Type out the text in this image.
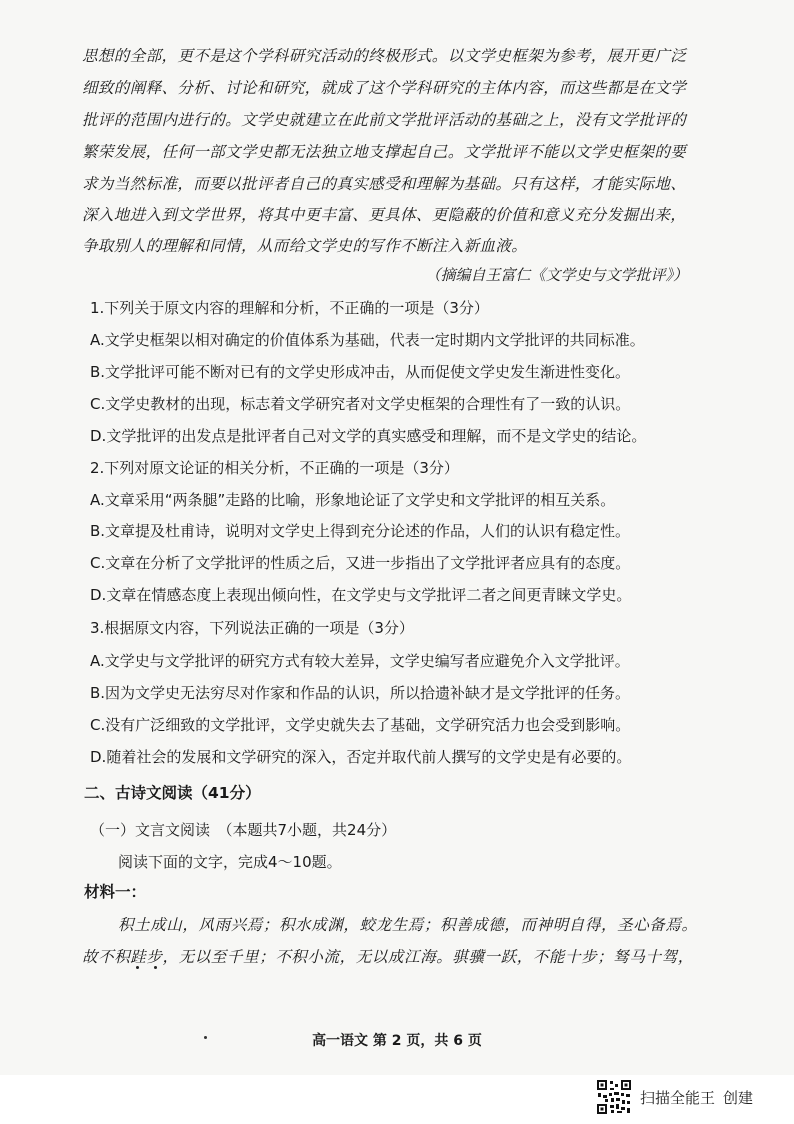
思想的全部，更不是这个学科研究活动的终极形式。以文学史框架为参考，展开更广泛
细致的阐释、分析、讨论和研究，就成了这个学科研究的主体内容，而这些都是在文学
批评的范围内进行的。文学史就建立在此前文学批评活动的基础之上，没有文学批评的
繁荣发展，任何一部文学史都无法独立地支撑起自己。文学批评不能以文学史框架的要
求为当然标准，而要以批评者自己的真实感受和理解为基础。只有这样，才能实际地、
深入地进入到文学世界，将其中更丰富、更具体、更隐蔽的价值和意义充分发掘出来，
争取别人的理解和同情，从而给文学史的写作不断注入新血液。
（摘编自王富仁《文学史与文学批评》）
1.下列关于原文内容的理解和分析，不正确的一项是（3分）
A.文学史框架以相对确定的价值体系为基础，代表一定时期内文学批评的共同标准。
B.文学批评可能不断对已有的文学史形成冲击，从而促使文学史发生渐进性变化。
C.文学史教材的出现，标志着文学研究者对文学史框架的合理性有了一致的认识。
D.文学批评的出发点是批评者自己对文学的真实感受和理解，而不是文学史的结论。
2.下列对原文论证的相关分析，不正确的一项是（3分）
A.文章采用“两条腿”走路的比喻，形象地论证了文学史和文学批评的相互关系。
B.文章提及杜甫诗，说明对文学史上得到充分论述的作品，人们的认识有稳定性。
C.文章在分析了文学批评的性质之后，又进一步指出了文学批评者应具有的态度。
D.文章在情感态度上表现出倾向性，在文学史与文学批评二者之间更青睐文学史。
3.根据原文内容，下列说法正确的一项是（3分）
A.文学史与文学批评的研究方式有较大差异，文学史编写者应避免介入文学批评。
B.因为文学史无法穷尽对作家和作品的认识，所以拾遗补缺才是文学批评的任务。
C.没有广泛细致的文学批评，文学史就失去了基础，文学研究活力也会受到影响。
D.随着社会的发展和文学研究的深入，否定并取代前人撰写的文学史是有必要的。
二、古诗文阅读（41分）
（一）文言文阅读　（本题共7小题，共24分）
阅读下面的文字，完成4～10题。
材料一：
积土成山，风雨兴焉；积水成渊，蛟龙生焉；积善成德，而神明自得，圣心备焉。
故不积跬步，无以至千里；不积小流，无以成江海。骐骥一跃，不能十步；驽马十驾，
高一语文 第 2 页，共 6 页
扫描全能王 创建
